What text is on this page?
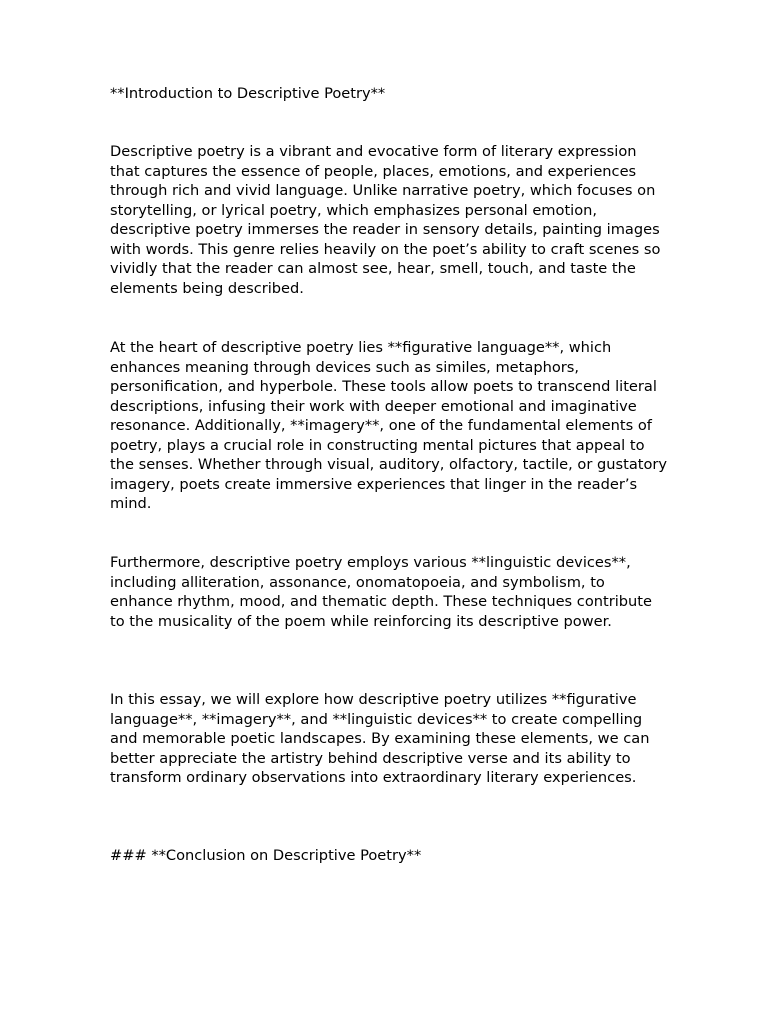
**Introduction to Descriptive Poetry**

Descriptive poetry is a vibrant and evocative form of literary expression that captures the essence of people, places, emotions, and experiences through rich and vivid language. Unlike narrative poetry, which focuses on storytelling, or lyrical poetry, which emphasizes personal emotion, descriptive poetry immerses the reader in sensory details, painting images with words. This genre relies heavily on the poet’s ability to craft scenes so vividly that the reader can almost see, hear, smell, touch, and taste the elements being described.

At the heart of descriptive poetry lies **figurative language**, which enhances meaning through devices such as similes, metaphors, personification, and hyperbole. These tools allow poets to transcend literal descriptions, infusing their work with deeper emotional and imaginative resonance. Additionally, **imagery**, one of the fundamental elements of poetry, plays a crucial role in constructing mental pictures that appeal to the senses. Whether through visual, auditory, olfactory, tactile, or gustatory imagery, poets create immersive experiences that linger in the reader’s mind.

Furthermore, descriptive poetry employs various **linguistic devices**, including alliteration, assonance, onomatopoeia, and symbolism, to enhance rhythm, mood, and thematic depth. These techniques contribute to the musicality of the poem while reinforcing its descriptive power.

In this essay, we will explore how descriptive poetry utilizes **figurative language**, **imagery**, and **linguistic devices** to create compelling and memorable poetic landscapes. By examining these elements, we can better appreciate the artistry behind descriptive verse and its ability to transform ordinary observations into extraordinary literary experiences.

### **Conclusion on Descriptive Poetry**
